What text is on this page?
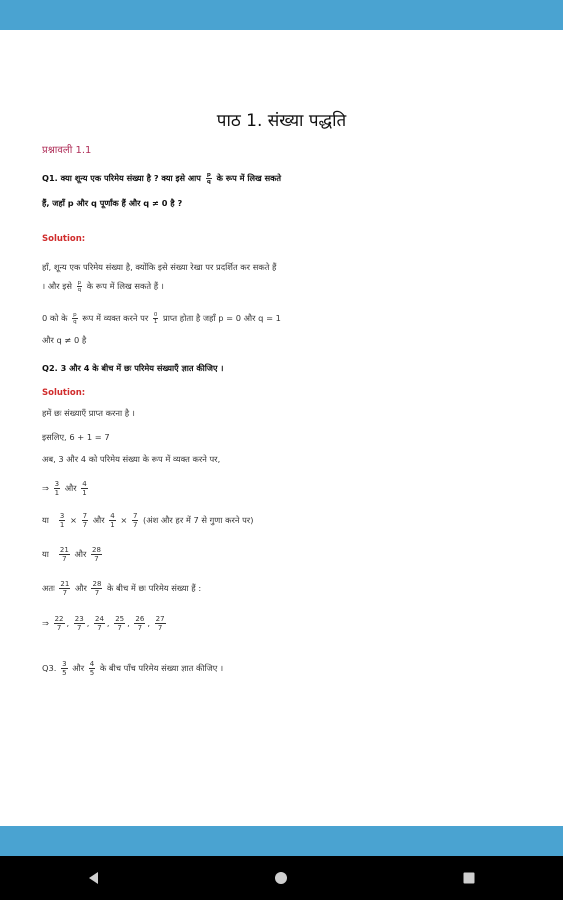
पाठ 1. संख्या पद्धति
प्रश्नावली 1.1
Q1. क्या शून्य एक परिमेय संख्या है ? क्या इसे आप $\frac{p}{q}$ के रूप में लिख सकते
हैं, जहाँ p और q पूर्णांक हैं और q ≠ 0 है ?
Solution:
हाँ, शून्य एक परिमेय संख्या है, क्योंकि इसे संख्या रेखा पर प्रदर्शित कर सकते हैं
। और इसे $\frac{p}{q}$ के रूप में लिख सकते हैं ।
0 को के $\frac{p}{q}$ रूप में व्यक्त करने पर $\frac{0}{1}$ प्राप्त होता है जहाँ p = 0 और q = 1
और q ≠ 0 है
Q2. 3 और 4 के बीच में छः परिमेय संख्याएँ ज्ञात कीजिए ।
Solution:
हमें छः संख्याएँ प्राप्त करना है ।
इसलिए, 6 + 1 = 7
अब, 3 और 4 को परिमेय संख्या के रूप में व्यक्त करने पर,
⇒ $\frac{3}{1}$ और $\frac{4}{1}$
या $\frac{3}{1} \times \frac{7}{7}$ और $\frac{4}{1} \times \frac{7}{7}$ (अंश और हर में 7 से गुणा करने पर)
या $\frac{21}{7}$ और $\frac{28}{7}$
अतः $\frac{21}{7}$ और $\frac{28}{7}$ के बीच में छः परिमेय संख्या हैं :
⇒ $\frac{22}{7}$ , $\frac{23}{7}$ , $\frac{24}{7}$ , $\frac{25}{7}$ , $\frac{26}{7}$ , $\frac{27}{7}$
Q3. $\frac{3}{5}$ और $\frac{4}{5}$ के बीच पाँच परिमेय संख्या ज्ञात कीजिए ।
